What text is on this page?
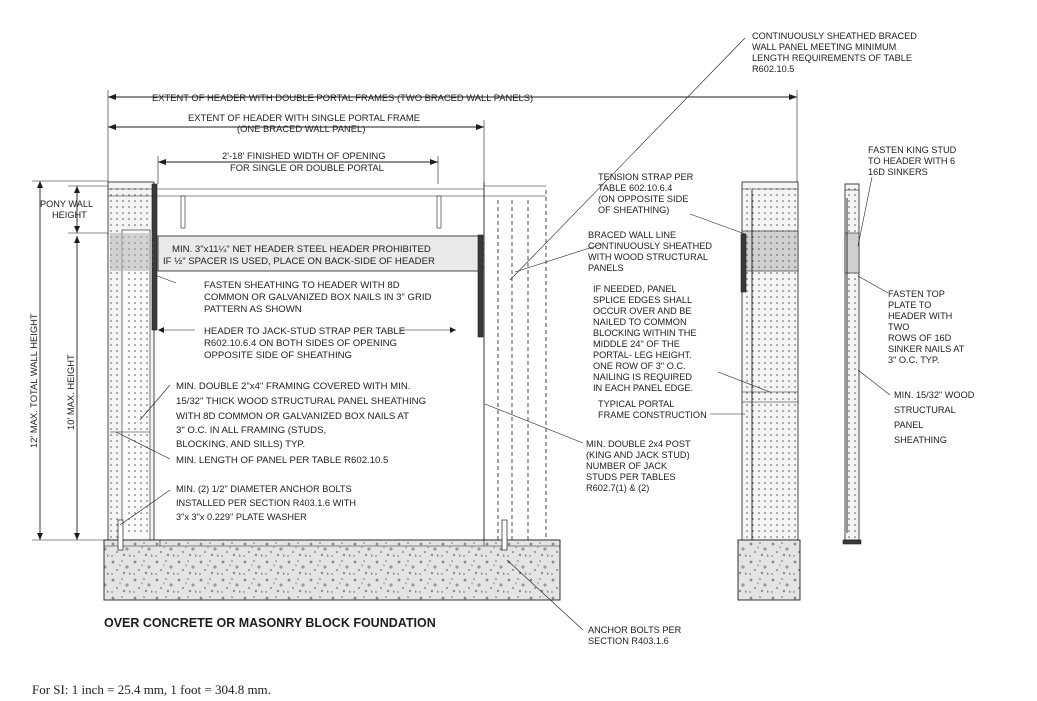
EXTENT OF HEADER WITH DOUBLE PORTAL FRAMES (TWO BRACED WALL PANELS)
EXTENT OF HEADER WITH SINGLE PORTAL FRAME
(ONE BRACED WALL PANEL)
2'-18' FINISHED WIDTH OF OPENING
FOR SINGLE OR DOUBLE PORTAL
PONY WALL
HEIGHT
12' MAX. TOTAL WALL HEIGHT	10' MAX. HEIGHT
CONTINUOUSLY SHEATHED BRACED
WALL PANEL MEETING MINIMUM
LENGTH REQUIREMENTS OF TABLE
R602.10.5
MIN. 3"x11¼" NET HEADER STEEL HEADER PROHIBITED
IF ½" SPACER IS USED, PLACE ON BACK-SIDE OF HEADER
FASTEN SHEATHING TO HEADER WITH 8D
COMMON OR GALVANIZED BOX NAILS IN 3" GRID
PATTERN AS SHOWN
HEADER TO JACK-STUD STRAP PER TABLE
R602.10.6.4 ON BOTH SIDES OF OPENING
OPPOSITE SIDE OF SHEATHING
MIN. DOUBLE 2"x4" FRAMING COVERED WITH MIN.
15/32" THICK WOOD STRUCTURAL PANEL SHEATHING
WITH 8D COMMON OR GALVANIZED BOX NAILS AT
3" O.C. IN ALL FRAMING (STUDS,
BLOCKING, AND SILLS) TYP.
MIN. LENGTH OF PANEL PER TABLE R602.10.5
MIN. (2) 1/2" DIAMETER ANCHOR BOLTS
INSTALLED PER SECTION R403.1.6 WITH
3"x 3"x 0.229" PLATE WASHER
TENSION STRAP PER
TABLE 602.10.6.4
(ON OPPOSITE SIDE
OF SHEATHING)
BRACED WALL LINE
CONTINUOUSLY SHEATHED
WITH WOOD STRUCTURAL
PANELS
IF NEEDED, PANEL
SPLICE EDGES SHALL
OCCUR OVER AND BE
NAILED TO COMMON
BLOCKING WITHIN THE
MIDDLE 24" OF THE
PORTAL- LEG HEIGHT.
ONE ROW OF 3" O.C.
NAILING IS REQUIRED
IN EACH PANEL EDGE.
TYPICAL PORTAL
FRAME CONSTRUCTION
MIN. DOUBLE 2x4 POST
(KING AND JACK STUD)
NUMBER OF JACK
STUDS PER TABLES
R602.7(1) & (2)
FASTEN KING STUD
TO HEADER WITH 6
16D SINKERS
FASTEN TOP
PLATE TO
HEADER WITH
TWO
ROWS OF 16D
SINKER NAILS AT
3" O.C. TYP.
MIN. 15/32" WOOD
STRUCTURAL
PANEL
SHEATHING
ANCHOR BOLTS PER
SECTION R403.1.6
OVER CONCRETE OR MASONRY BLOCK FOUNDATION
For SI: 1 inch = 25.4 mm, 1 foot = 304.8 mm.
